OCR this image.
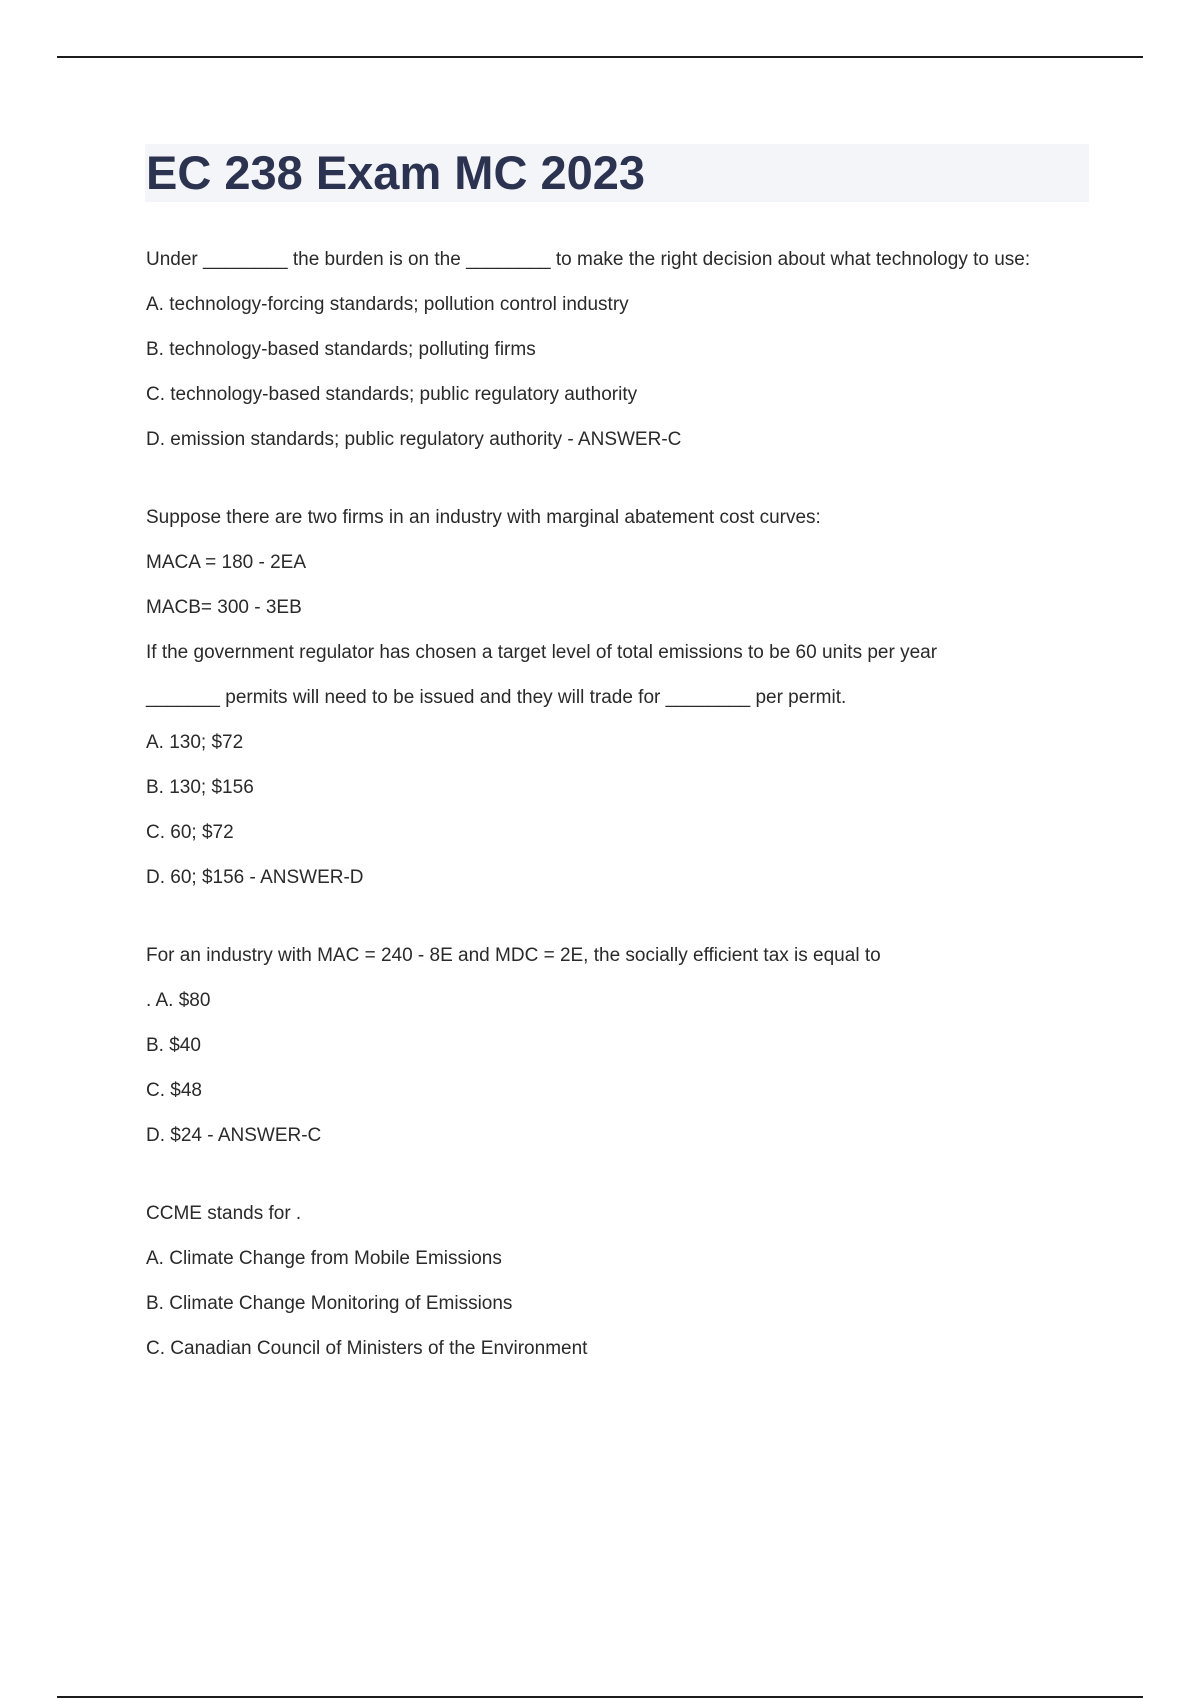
EC 238 Exam MC 2023

Under ________ the burden is on the ________ to make the right decision about what technology to use:

A. technology-forcing standards; pollution control industry

B. technology-based standards; polluting firms

C. technology-based standards; public regulatory authority

D. emission standards; public regulatory authority - ANSWER-C

Suppose there are two firms in an industry with marginal abatement cost curves:

MACA = 180 - 2EA

MACB= 300 - 3EB

If the government regulator has chosen a target level of total emissions to be 60 units per year

_______ permits will need to be issued and they will trade for ________ per permit.

A. 130; $72

B. 130; $156

C. 60; $72

D. 60; $156 - ANSWER-D

For an industry with MAC = 240 - 8E and MDC = 2E, the socially efficient tax is equal to

. A. $80

B. $40

C. $48

D. $24 - ANSWER-C

CCME stands for .

A. Climate Change from Mobile Emissions

B. Climate Change Monitoring of Emissions

C. Canadian Council of Ministers of the Environment
